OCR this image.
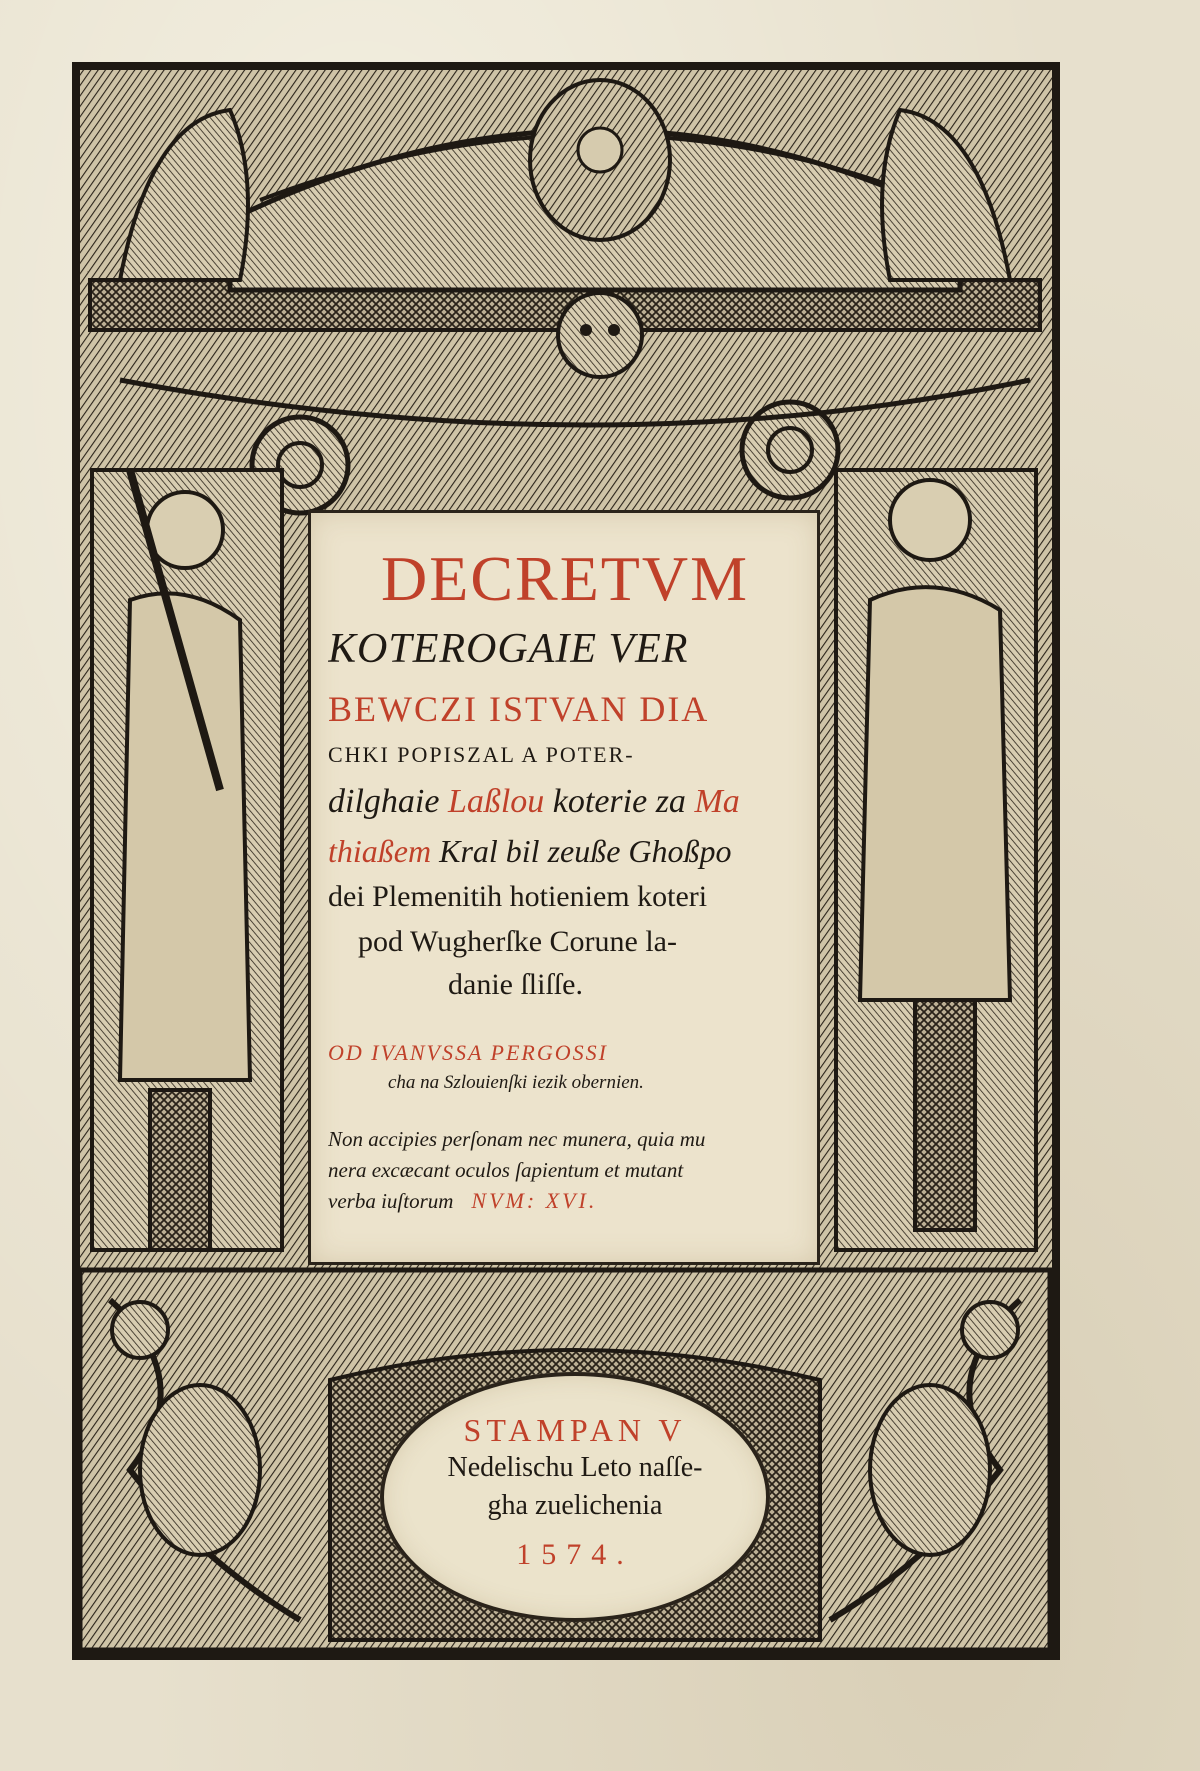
DECRETVM
KOTEROGAIE VER
BEWCZI ISTVAN DIA
CHKI POPISZAL A POTER-
dilghaie Laßlou koterie za Ma
thiaßem Kral bil zeuße Ghoßpo
dei Plemenitih hotieniem koteri
pod Wugherſke Corune la-
danie ſliſſe.
OD IVANVSSA PERGOSSI
cha na Szlouienſki iezik obernien.
Non accipies perſonam nec munera, quia mu
nera excæcant oculos ſapientum et mutant
verba iuſtorum NVM: XVI.
STAMPAN V
Nedelischu Leto naſſe-
gha zuelichenia
1574.
